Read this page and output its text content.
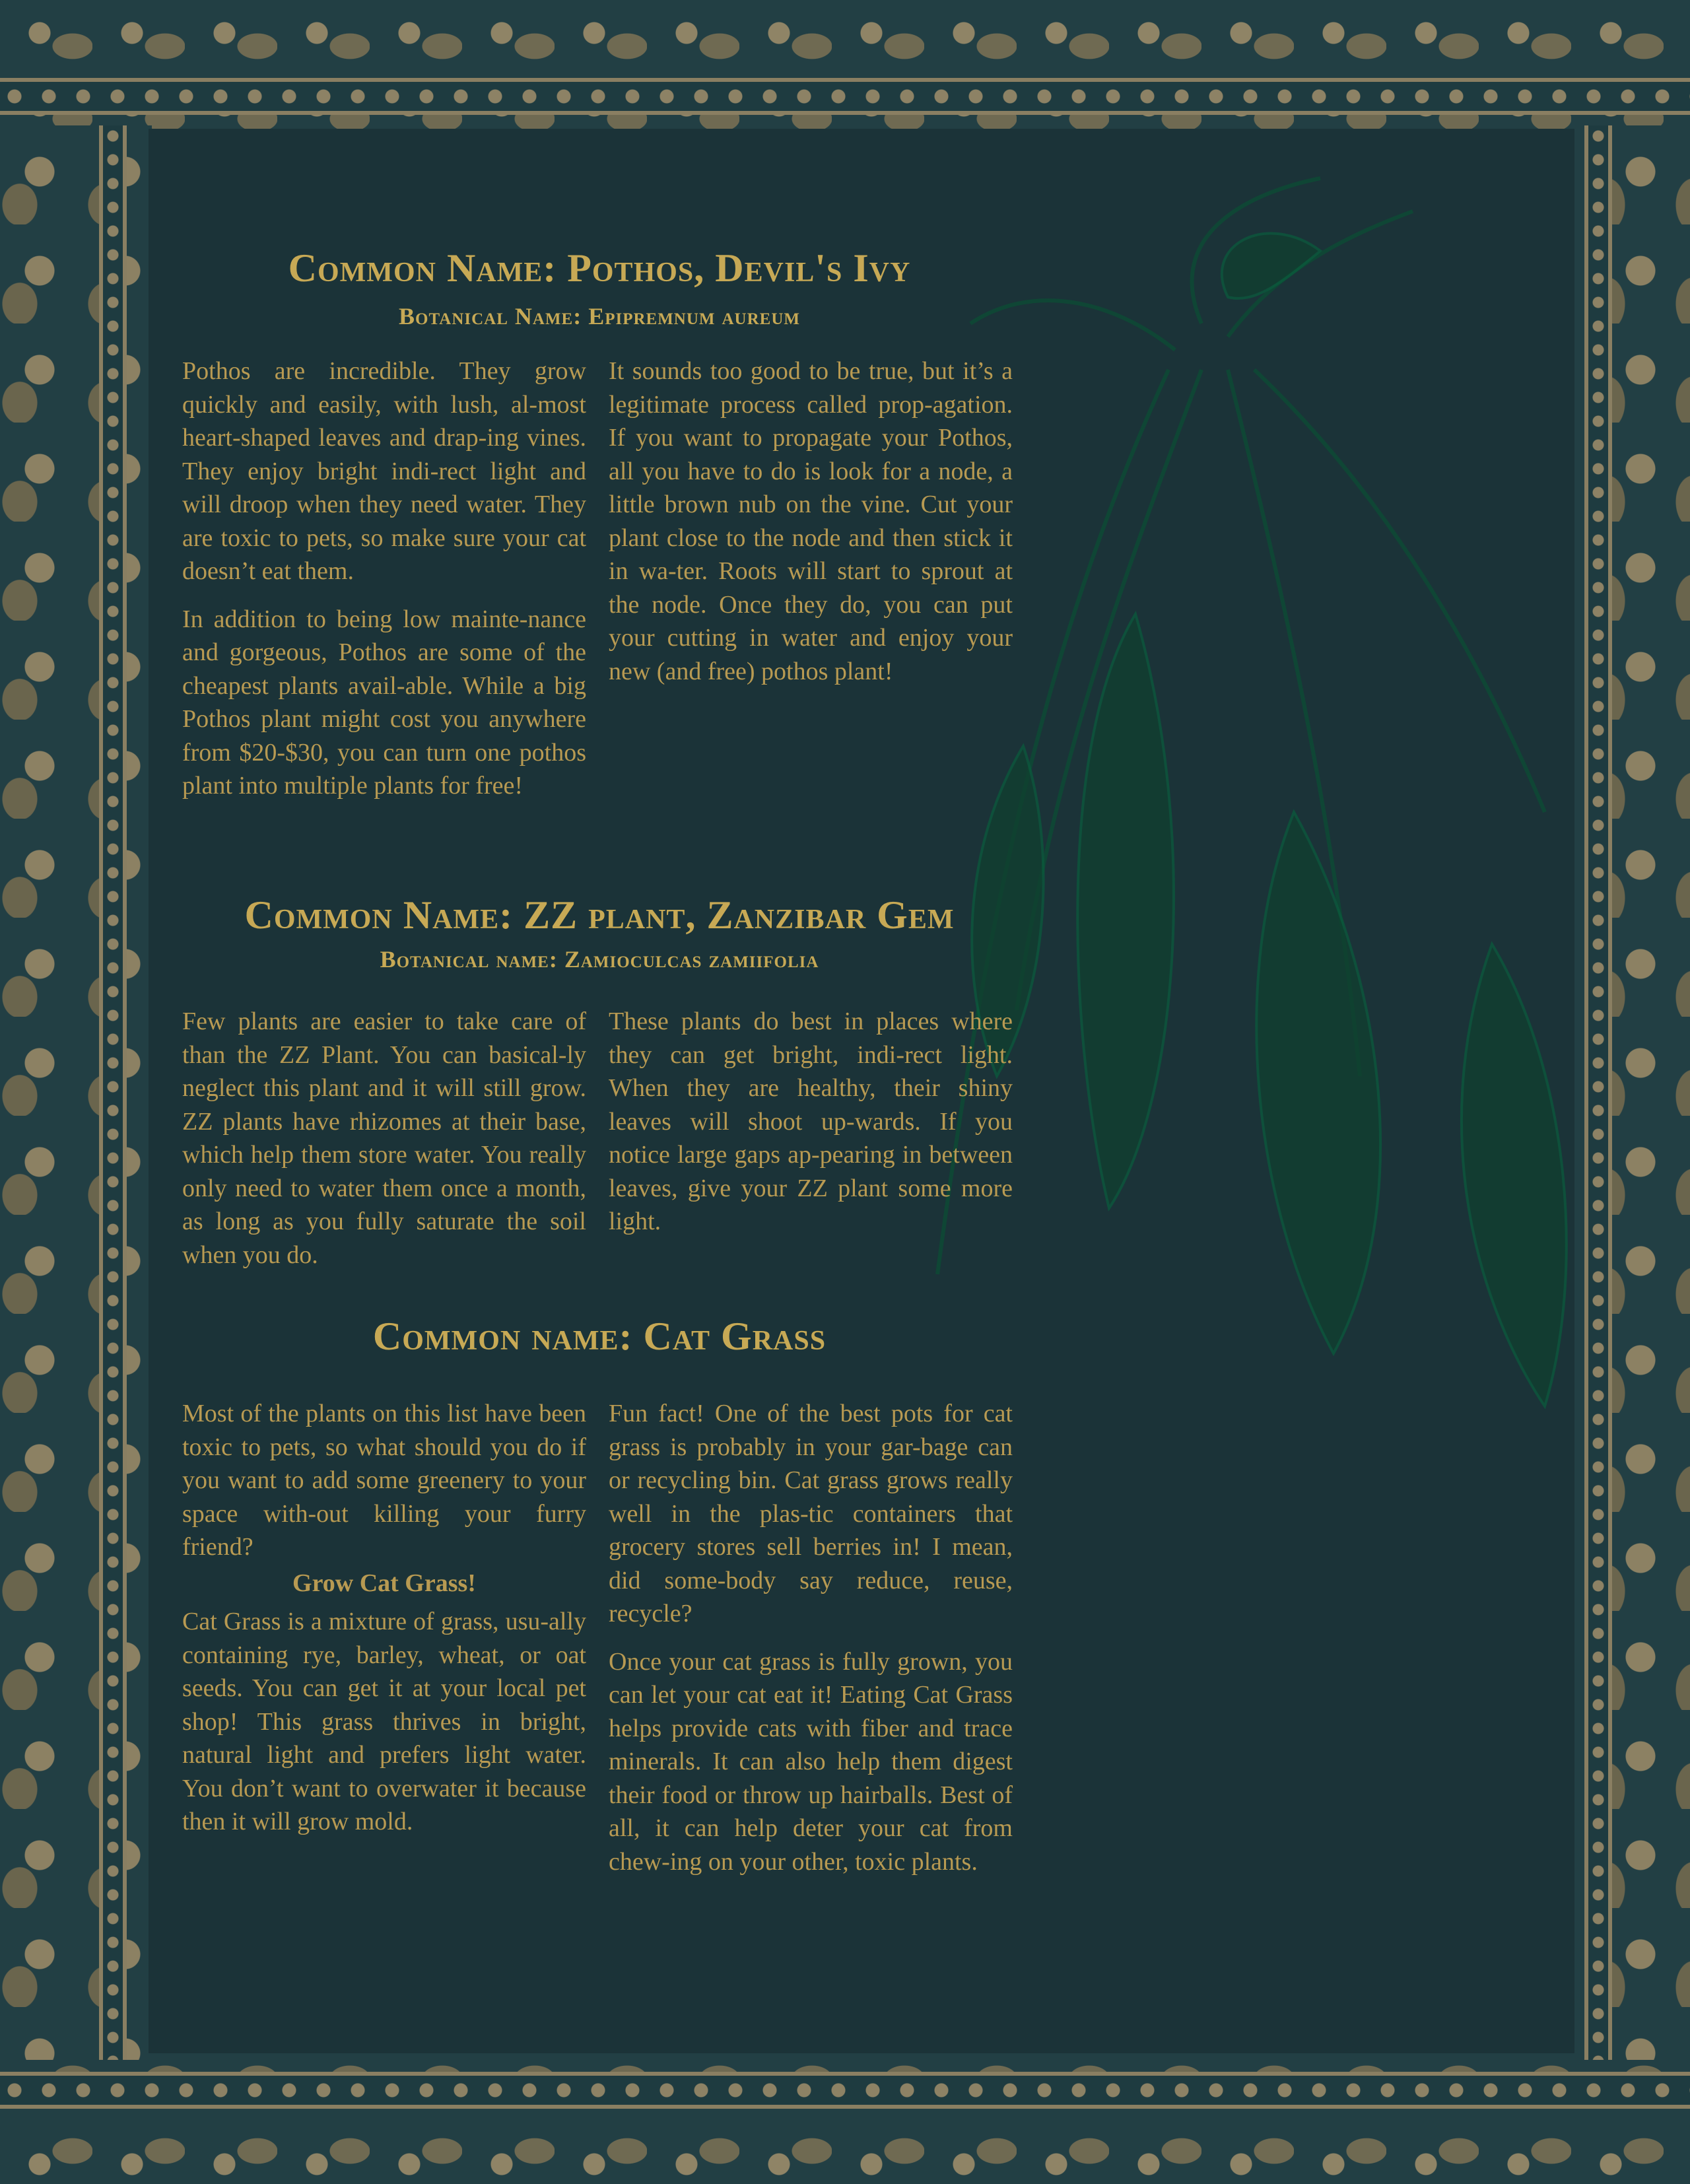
Common Name: Pothos, Devil's Ivy
Botanical Name: Epipremnum aureum

Pothos are incredible. They grow quickly and easily, with lush, al-most heart-shaped leaves and drap-ing vines. They enjoy bright indi-rect light and will droop when they need water. They are toxic to pets, so make sure your cat doesn’t eat them.

In addition to being low mainte-nance and gorgeous, Pothos are some of the cheapest plants avail-able. While a big Pothos plant might cost you anywhere from $20-$30, you can turn one pothos plant into multiple plants for free!

It sounds too good to be true, but it’s a legitimate process called prop-agation. If you want to propagate your Pothos, all you have to do is look for a node, a little brown nub on the vine. Cut your plant close to the node and then stick it in wa-ter. Roots will start to sprout at the node. Once they do, you can put your cutting in water and enjoy your new (and free) pothos plant!

Common Name: ZZ plant, Zanzibar Gem
Botanical name: Zamioculcas zamiifolia

Few plants are easier to take care of than the ZZ Plant. You can basical-ly neglect this plant and it will still grow. ZZ plants have rhizomes at their base, which help them store water. You really only need to water them once a month, as long as you fully saturate the soil when you do.

These plants do best in places where they can get bright, indi-rect light. When they are healthy, their shiny leaves will shoot up-wards. If you notice large gaps ap-pearing in between leaves, give your ZZ plant some more light.

Common name: Cat Grass

Most of the plants on this list have been toxic to pets, so what should you do if you want to add some greenery to your space with-out killing your furry friend?

Grow Cat Grass!

Cat Grass is a mixture of grass, usu-ally containing rye, barley, wheat, or oat seeds. You can get it at your local pet shop! This grass thrives in bright, natural light and prefers light water. You don’t want to overwater it because then it will grow mold.

Fun fact! One of the best pots for cat grass is probably in your gar-bage can or recycling bin. Cat grass grows really well in the plas-tic containers that grocery stores sell berries in! I mean, did some-body say reduce, reuse, recycle?

Once your cat grass is fully grown, you can let your cat eat it! Eating Cat Grass helps provide cats with fiber and trace minerals. It can also help them digest their food or throw up hairballs. Best of all, it can help deter your cat from chew-ing on your other, toxic plants.
